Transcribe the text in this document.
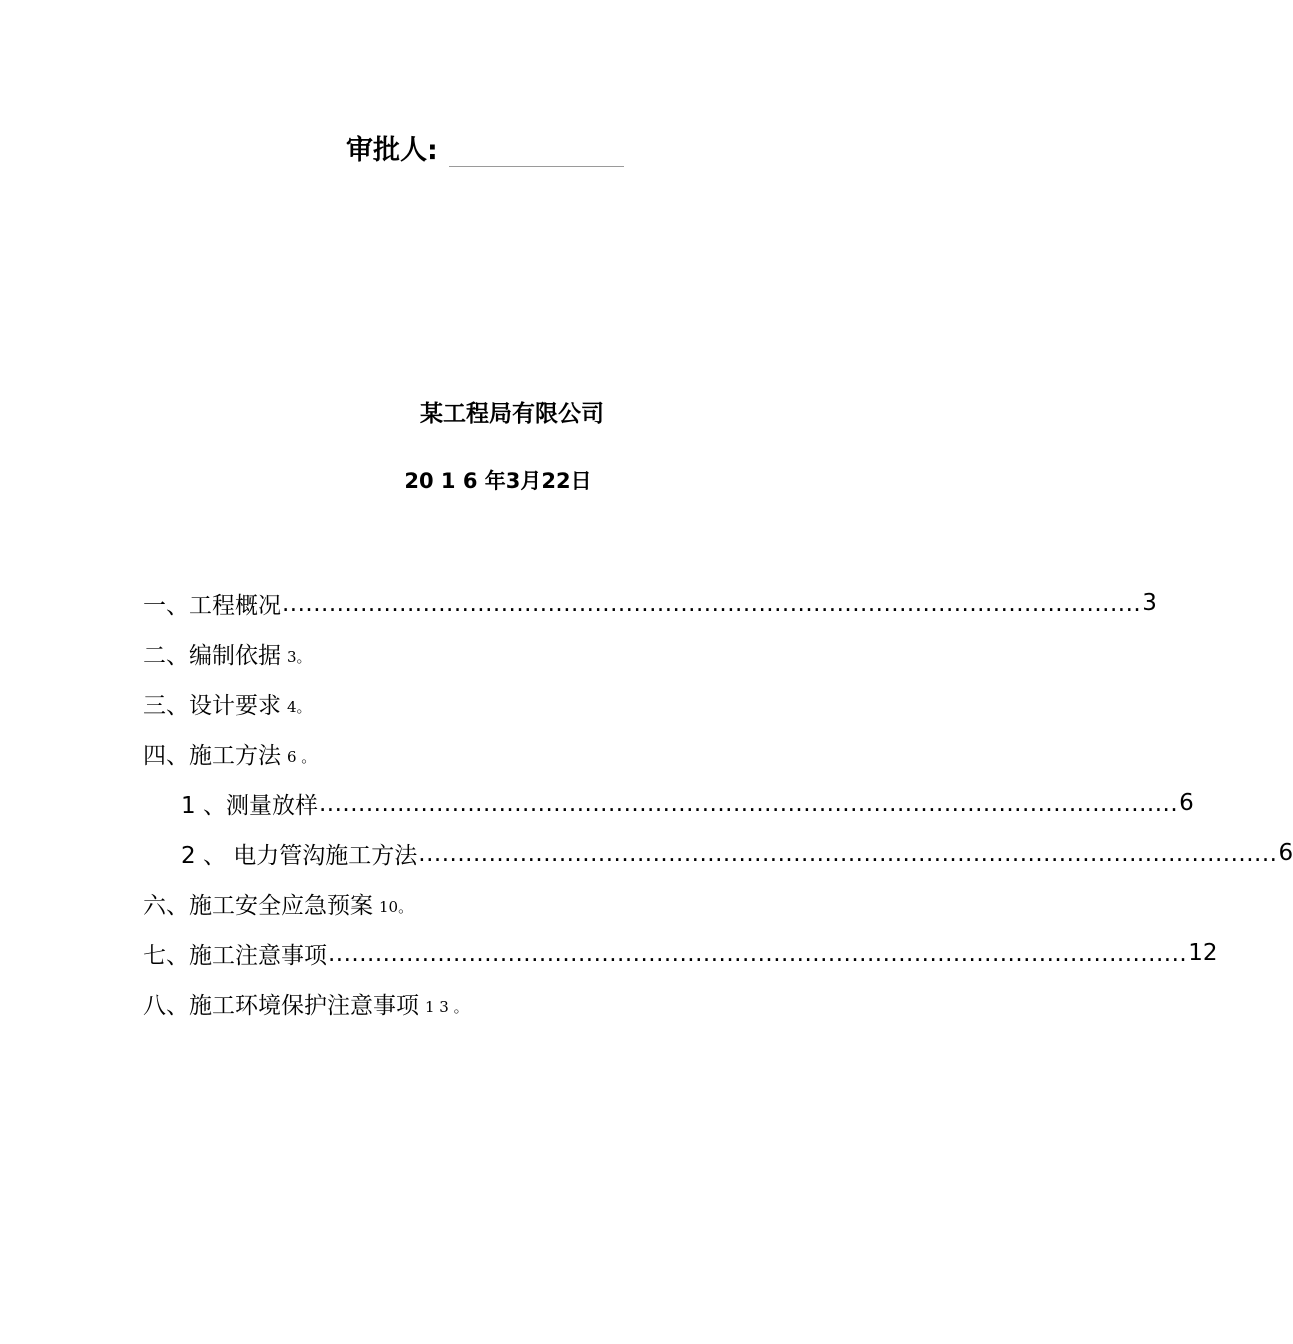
审批人:
某工程局有限公司
20 1 6 年3月22日
一、工程概况 .............................................................................................................. 3
二、编制依据 3。
三、设计要求 4。
四、施工方法 6 。
1 、测量放样 .............................................................................................................. 6
2 、 电力管沟施工方法 .............................................................................................................. 6
六、施工安全应急预案 10。
七、施工注意事项 .............................................................................................................. 12
八、施工环境保护注意事项 1 3 。
